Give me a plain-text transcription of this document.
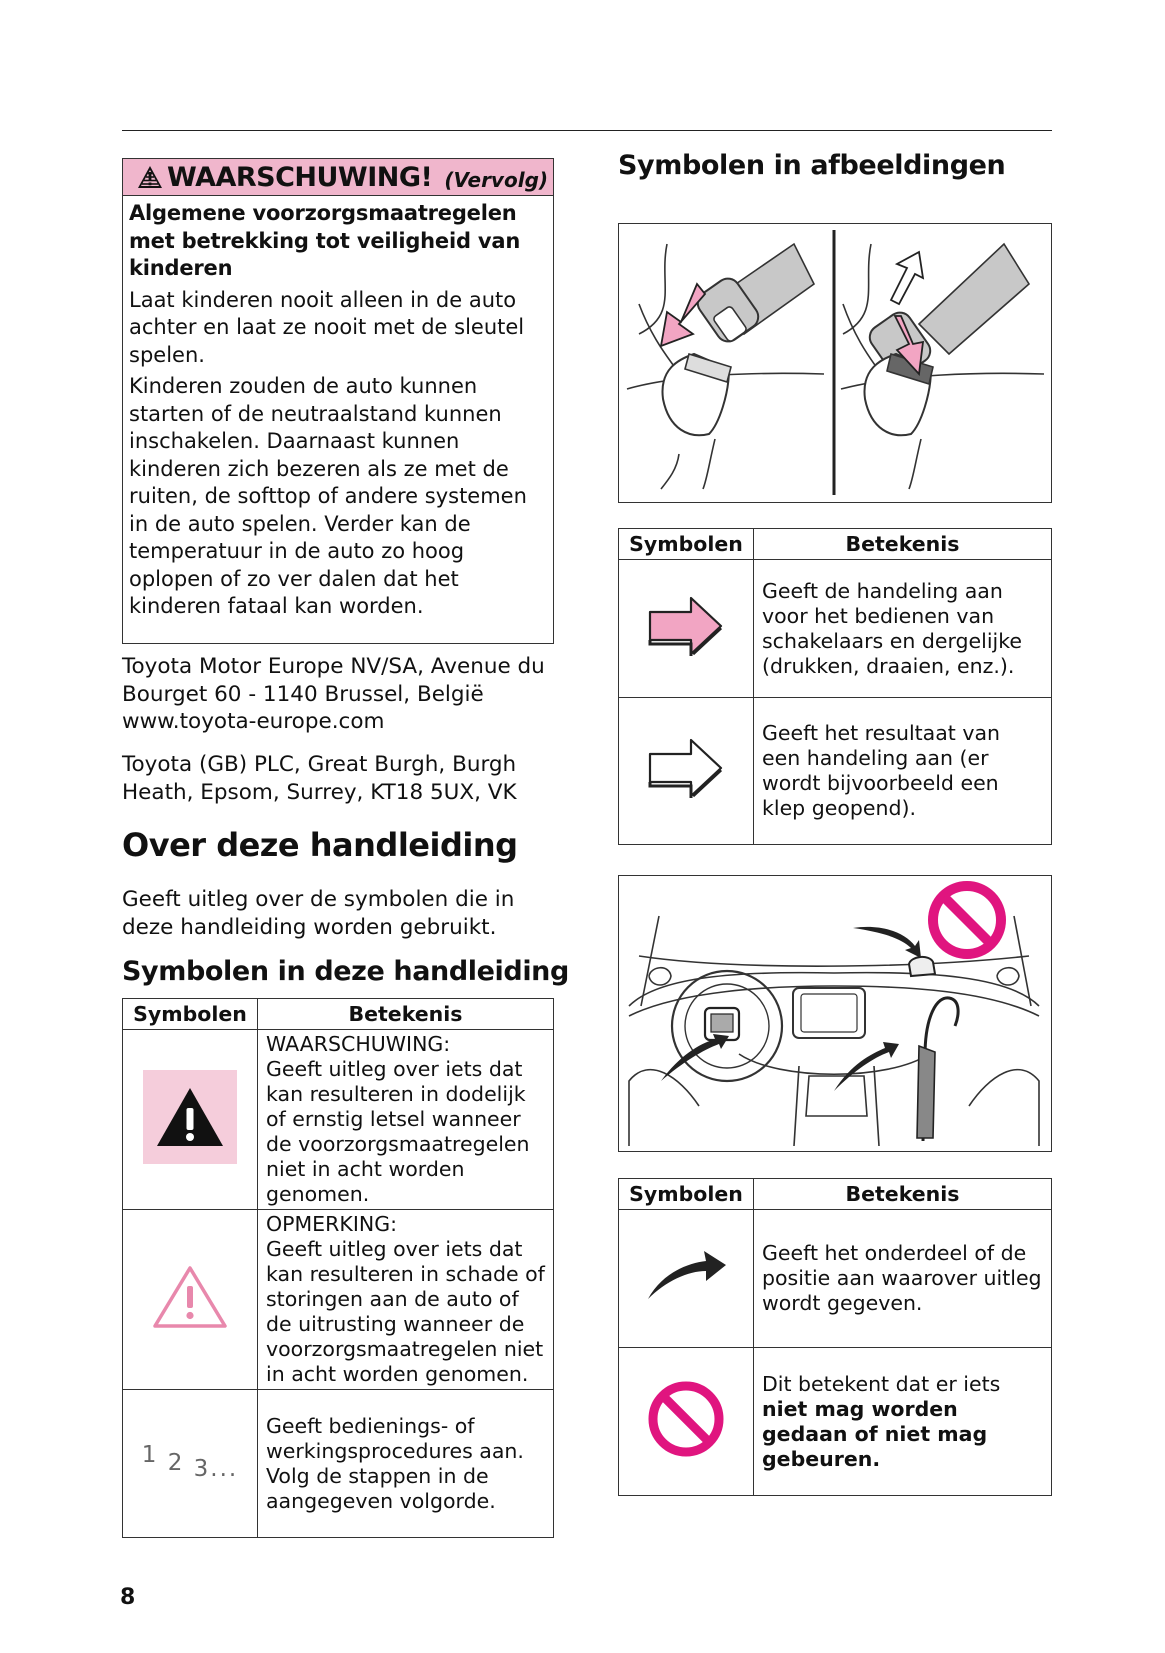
WAARSCHUWING! (Vervolg)

Algemene voorzorgsmaatregelen met betrekking tot veiligheid van kinderen

Laat kinderen nooit alleen in de auto achter en laat ze nooit met de sleutel spelen.

Kinderen zouden de auto kunnen starten of de neutraalstand kunnen inschakelen. Daarnaast kunnen kinderen zich bezeren als ze met de ruiten, de softtop of andere systemen in de auto spelen. Verder kan de temperatuur in de auto zo hoog oplopen of zo ver dalen dat het kinderen fataal kan worden.

Toyota Motor Europe NV/SA, Avenue du Bourget 60 - 1140 Brussel, België www.toyota-europe.com
Toyota (GB) PLC, Great Burgh, Burgh Heath, Epsom, Surrey, KT18 5UX, VK
Over deze handleiding
Geeft uitleg over de symbolen die in deze handleiding worden gebruikt.
Symbolen in deze handleiding
Symbolen	Betekenis

WAARSCHUWING:
Geeft uitleg over iets dat kan resulteren in dodelijk of ernstig letsel wanneer de voorzorgsmaatregelen niet in acht worden genomen.

OPMERKING:
Geeft uitleg over iets dat kan resulteren in schade of storingen aan de auto of de uitrusting wanneer de voorzorgsmaatregelen niet in acht worden genomen.

1 2 3...	Geeft bedienings- of werkingsprocedures aan. Volg de stappen in de aangegeven volgorde.
Symbolen in afbeeldingen
Symbolen	Betekenis

Geeft de handeling aan voor het bedienen van schakelaars en dergelijke (drukken, draaien, enz.).

Geeft het resultaat van een handeling aan (er wordt bijvoorbeeld een klep geopend).
Symbolen	Betekenis

Geeft het onderdeel of de positie aan waarover uitleg wordt gegeven.

Dit betekent dat er iets niet mag worden gedaan of niet mag gebeuren.
8
